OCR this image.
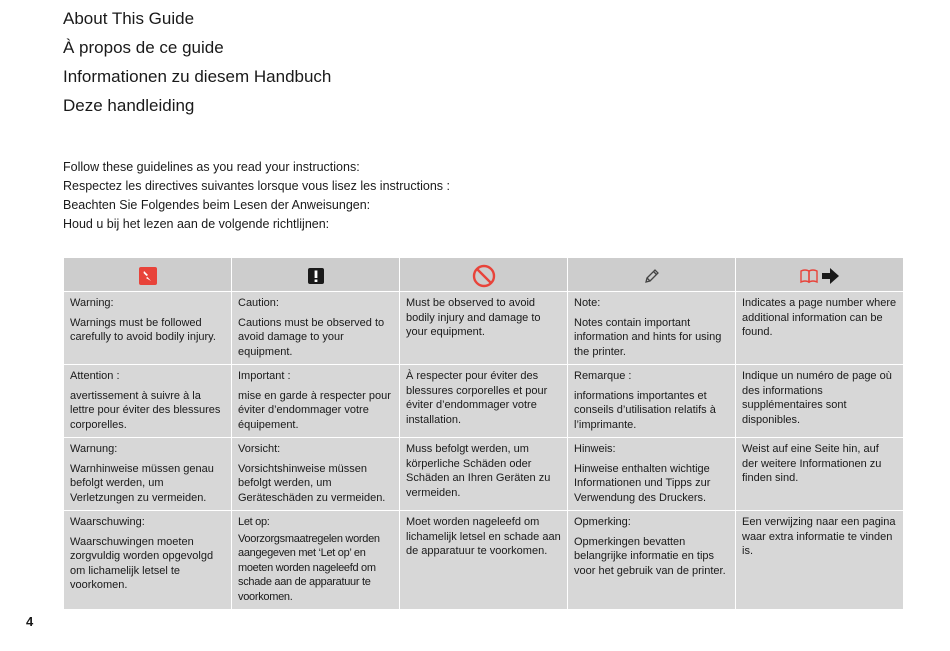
About This Guide
À propos de ce guide
Informationen zu diesem Handbuch
Deze handleiding
Follow these guidelines as you read your instructions:
Respectez les directives suivantes lorsque vous lisez les instructions :
Beachten Sie Folgendes beim Lesen der Anweisungen:
Houd u bij het lezen aan de volgende richtlijnen:

Warning:
Warnings must be followed carefully to avoid bodily injury.	Caution:
Cautions must be observed to avoid damage to your equipment.	Must be observed to avoid bodily injury and damage to your equipment.	Note:
Notes contain important information and hints for using the printer.	Indicates a page number where additional information can be found.

Attention :
avertissement à suivre à la lettre pour éviter des blessures corporelles.	Important :
mise en garde à respecter pour éviter d’endommager votre équipement.	À respecter pour éviter des blessures corporelles et pour éviter d’endommager votre installation.	Remarque :
informations importantes et conseils d’utilisation relatifs à l’imprimante.	Indique un numéro de page où des informations supplémentaires sont disponibles.

Warnung:
Warnhinweise müssen genau befolgt werden, um Verletzungen zu vermeiden.	Vorsicht:
Vorsichtshinweise müssen befolgt werden, um Geräteschäden zu vermeiden.	Muss befolgt werden, um körperliche Schäden oder Schäden an Ihren Geräten zu vermeiden.	Hinweis:
Hinweise enthalten wichtige Informationen und Tipps zur Verwendung des Druckers.	Weist auf eine Seite hin, auf der weitere Informationen zu finden sind.

Waarschuwing:
Waarschuwingen moeten zorgvuldig worden opgevolgd om lichamelijk letsel te voorkomen.	Let op:
Voorzorgsmaatregelen worden aangegeven met ‘Let op’ en moeten worden nageleefd om schade aan de apparatuur te voorkomen.	Moet worden nageleefd om lichamelijk letsel en schade aan de apparatuur te voorkomen.	Opmerking:
Opmerkingen bevatten belangrijke informatie en tips voor het gebruik van de printer.	Een verwijzing naar een pagina waar extra informatie te vinden is.
4
